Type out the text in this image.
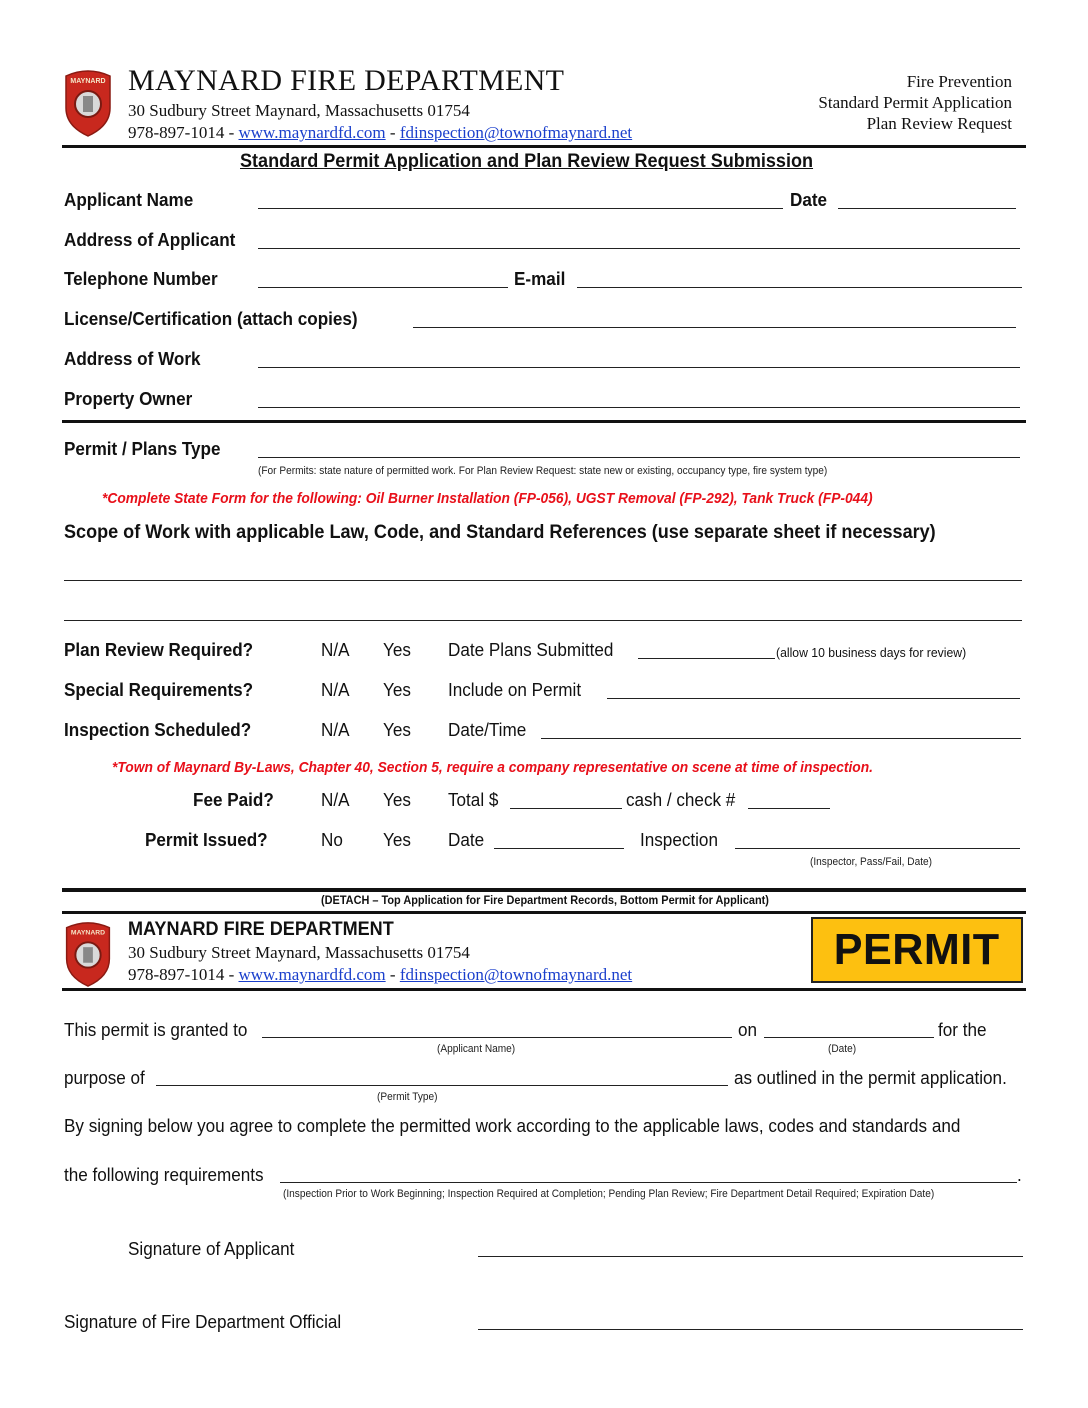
MAYNARD MAYNARD FIRE DEPARTMENT
30 Sudbury Street Maynard, Massachusetts 01754
978-897-1014 - www.maynardfd.com - fdinspection@townofmaynard.net
Fire Prevention
Standard Permit Application
Plan Review Request
Standard Permit Application and Plan Review Request Submission
Applicant Name	Date
Address of Applicant
Telephone Number	E-mail
License/Certification (attach copies)
Address of Work
Property Owner
Permit / Plans Type
(For Permits: state nature of permitted work. For Plan Review Request: state new or existing, occupancy type, fire system type)
*Complete State Form for the following: Oil Burner Installation (FP-056), UGST Removal (FP-292), Tank Truck (FP-044)
Scope of Work with applicable Law, Code, and Standard References (use separate sheet if necessary)
Plan Review Required?	N/A Yes Date Plans Submitted	(allow 10 business days for review)
Special Requirements?	N/A Yes Include on Permit
Inspection Scheduled?	N/A Yes Date/Time
*Town of Maynard By-Laws, Chapter 40, Section 5, require a company representative on scene at time of inspection.
Fee Paid?	N/A Yes Total $	cash / check #
Permit Issued?	No Yes Date	Inspection
(Inspector, Pass/Fail, Date)
(DETACH – Top Application for Fire Department Records, Bottom Permit for Applicant)
MAYNARD MAYNARD FIRE DEPARTMENT
30 Sudbury Street Maynard, Massachusetts 01754
978-897-1014 - www.maynardfd.com - fdinspection@townofmaynard.net
PERMIT
This permit is granted to
(Applicant Name)
on
(Date)
for the
purpose of
(Permit Type)
as outlined in the permit application.
By signing below you agree to complete the permitted work according to the applicable laws, codes and standards and
the following requirements	.
(Inspection Prior to Work Beginning; Inspection Required at Completion; Pending Plan Review; Fire Department Detail Required; Expiration Date)
Signature of Applicant
Signature of Fire Department Official
